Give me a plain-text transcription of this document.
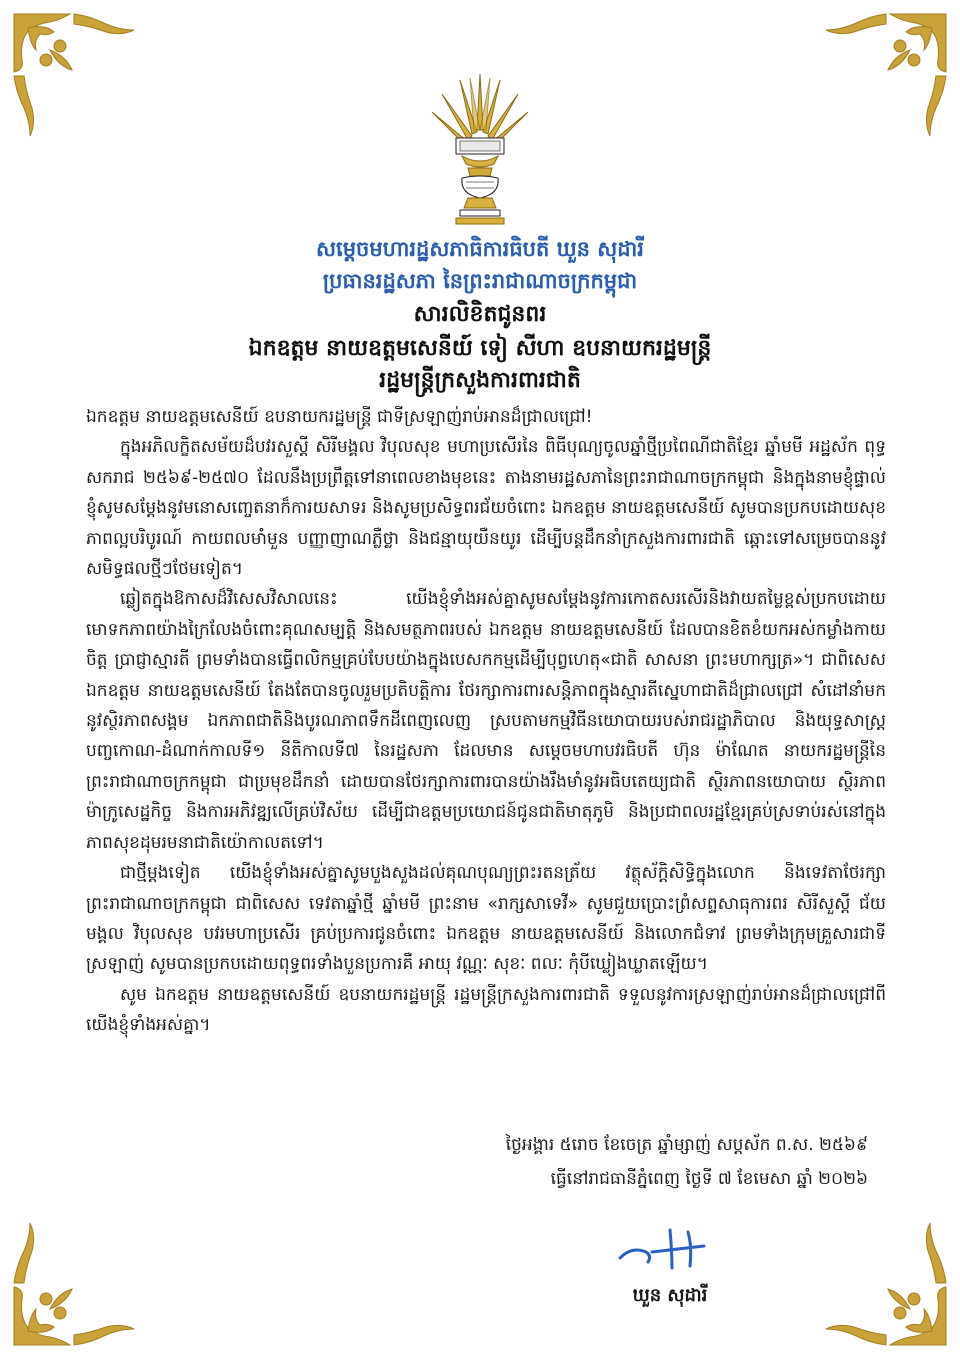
សម្ដេចមហារដ្ឋសភាធិការធិបតី ឃួន សុដារី
ប្រធានរដ្ឋសភា នៃព្រះរាជាណាចក្រកម្ពុជា
សារលិខិតជូនពរ
ឯកឧត្ដម នាយឧត្ដមសេនីយ៍ ទៀ សីហា ឧបនាយករដ្ឋមន្ដ្រី
រដ្ឋមន្ដ្រីក្រសួងការពារជាតិ

ឯកឧត្ដម នាយឧត្ដមសេនីយ៍ ឧបនាយករដ្ឋមន្ដ្រី ជាទីស្រឡាញ់រាប់អានដ៏ជ្រាលជ្រៅ!

ក្នុងអភិលក្ខិតសម័យដ៏បវរសួស្ដី សិរីមង្គល វិបុលសុខ មហាប្រសើរនៃ ពិធីបុណ្យចូលឆ្នាំថ្មីប្រពៃណីជាតិខ្មែរ ឆ្នាំមមី អដ្ឋស័ក ពុទ្ធសករាជ ២៥៦៩-២៥៧០ ដែលនឹងប្រព្រឹត្ដទៅនាពេលខាងមុខនេះ តាងនាមរដ្ឋសភានៃព្រះរាជាណាចក្រកម្ពុជា និងក្នុងនាមខ្ញុំផ្ទាល់ ខ្ញុំសូមសម្ដែងនូវមនោសញ្ចេតនាក៏ការយសាទរ និងសូមប្រសិទ្ធពរជ័យចំពោះ ឯកឧត្ដម នាយឧត្ដមសេនីយ៍ សូមបានប្រកបដោយសុខភាពល្អបរិបូរណ៍ កាយពលមាំមួន បញ្ញាញាណភ្លឺថ្លា និងជន្មាយុយឺនយូរ ដើម្បីបន្ដដឹកនាំក្រសួងការពារជាតិ ឆ្ពោះទៅសម្រេចបាននូវសមិទ្ធផលថ្មីៗថែមទៀត។

ឆ្លៀតក្នុងឱកាសដ៏វិសេសវិសាលនេះ យើងខ្ញុំទាំងអស់គ្នាសូមសម្ដែងនូវការកោតសរសើរនិងវាយតម្លៃខ្ពស់ប្រកបដោយមោទកភាពយ៉ាងក្រៃលែងចំពោះគុណសម្បត្ដិ និងសមត្ថភាពរបស់ ឯកឧត្ដម នាយឧត្ដមសេនីយ៍ ដែលបានខិតខំយកអស់កម្លាំងកាយចិត្ដ ប្រាជ្ញាស្មារតី ព្រមទាំងបានធ្វើពលិកម្មគ្រប់បែបយ៉ាងក្នុងបេសកកម្មដើម្បីបុព្វហេតុ«ជាតិ សាសនា ព្រះមហាក្សត្រ»។ ជាពិសេស ឯកឧត្ដម នាយឧត្ដមសេនីយ៍ តែងតែបានចូលរួមប្រតិបត្ដិការ ថែរក្សាការពារសន្ដិភាពក្នុងស្មារតីស្នេហាជាតិដ៏ជ្រាលជ្រៅ សំដៅនាំមកនូវស្ថិរភាពសង្គម ឯកភាពជាតិនិងបូរណភាពទឹកដីពេញលេញ ស្របតាមកម្មវិធីនយោបាយរបស់រាជរដ្ឋាភិបាល និងយុទ្ធសាស្ត្របញ្ចកោណ-ដំណាក់កាលទី១ នីតិកាលទី៧ នៃរដ្ឋសភា ដែលមាន សម្ដេចមហាបវរធិបតី ហ៊ុន ម៉ាណែត នាយករដ្ឋមន្ដ្រីនៃព្រះរាជាណាចក្រកម្ពុជា ជាប្រមុខដឹកនាំ ដោយបានថែរក្សាការពារបានយ៉ាងរឹងមាំនូវអធិបតេយ្យជាតិ ស្ថិរភាពនយោបាយ ស្ថិរភាពម៉ាក្រូសេដ្ឋកិច្ច និងការអភិវឌ្ឍលើគ្រប់វិស័យ ដើម្បីជាឧត្ដមប្រយោជន៍ជូនជាតិមាតុភូមិ និងប្រជាពលរដ្ឋខ្មែរគ្រប់ស្រទាប់រស់នៅក្នុងភាពសុខដុមរមនាជាតិយ៉ោកាលតទៅ។

ជាថ្មីម្ដងទៀត យើងខ្ញុំទាំងអស់គ្នាសូមបួងសួងដល់គុណបុណ្យព្រះរតនត្រ័យ វត្ថុស័ក្ដិសិទ្ធិក្នុងលោក និងទេវតាថែរក្សាព្រះរាជាណាចក្រកម្ពុជា ជាពិសេស ទេវតាឆ្នាំថ្មី ឆ្នាំមមី ព្រះនាម «រាក្សសាទេវី» សូមជួយប្រោះព្រំសព្ទសាធុការពរ សិរីសួស្ដី ជ័យមង្គល វិបុលសុខ បវរមហាប្រសើរ គ្រប់ប្រការជូនចំពោះ ឯកឧត្ដម នាយឧត្ដមសេនីយ៍ និងលោកជំទាវ ព្រមទាំងក្រុមគ្រួសារជាទីស្រឡាញ់ សូមបានប្រកបដោយពុទ្ធពរទាំងបួនប្រការគឺ អាយុ វណ្ណៈ សុខៈ ពលៈ កុំបីឃ្លៀងឃ្លាតឡើយ។

សូម ឯកឧត្ដម នាយឧត្ដមសេនីយ៍ ឧបនាយករដ្ឋមន្ដ្រី រដ្ឋមន្ដ្រីក្រសួងការពារជាតិ ទទួលនូវការស្រឡាញ់រាប់អានដ៏ជ្រាលជ្រៅពីយើងខ្ញុំទាំងអស់គ្នា។

ថ្ងៃអង្គារ ៥រោច ខែចេត្រ ឆ្នាំម្សាញ់ សប្ដស័ក ព.ស. ២៥៦៩
ធ្វើនៅរាជធានីភ្នំពេញ ថ្ងៃទី ៧ ខែមេសា ឆ្នាំ ២០២៦
ឃួន សុដារី
